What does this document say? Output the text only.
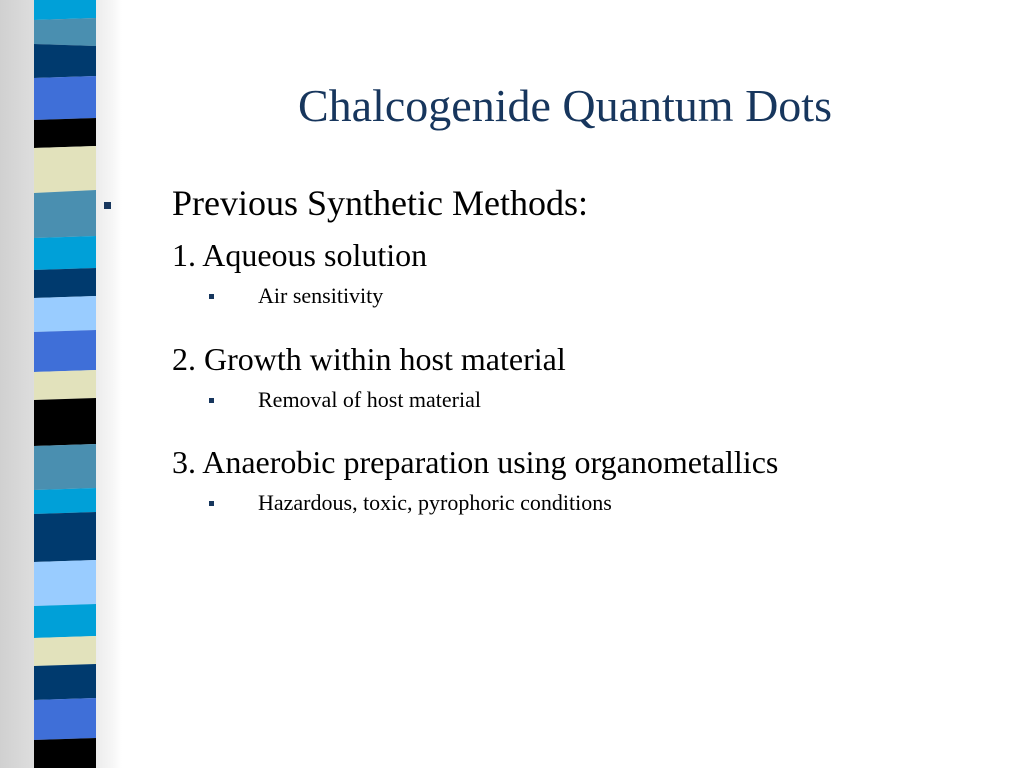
Chalcogenide Quantum Dots
Previous Synthetic Methods:
1. Aqueous solution
Air sensitivity
2. Growth within host material
Removal of host material
3. Anaerobic preparation using organometallics
Hazardous, toxic, pyrophoric conditions
